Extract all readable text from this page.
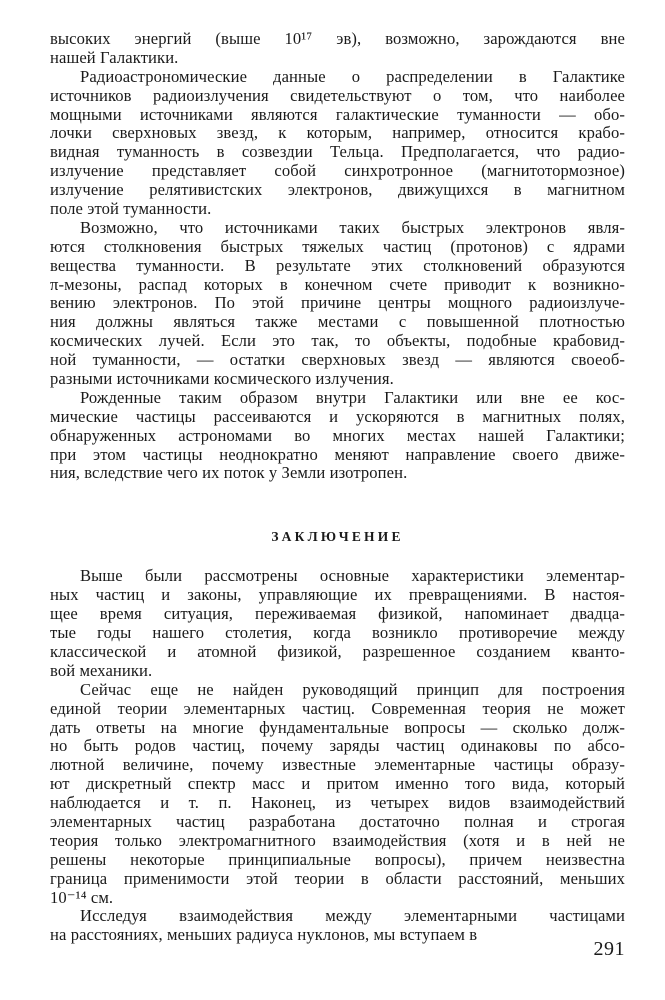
высоких энергий (выше 10¹⁷ эв), возможно, зарождаются вне
нашей Галактики.
Радиоастрономические данные о распределении в Галактике
источников радиоизлучения свидетельствуют о том, что наиболее
мощными источниками являются галактические туманности — обо-
лочки сверхновых звезд, к которым, например, относится крабо-
видная туманность в созвездии Тельца. Предполагается, что радио-
излучение представляет собой синхротронное (магнитотормозное)
излучение релятивистских электронов, движущихся в магнитном
поле этой туманности.
Возможно, что источниками таких быстрых электронов явля-
ются столкновения быстрых тяжелых частиц (протонов) с ядрами
вещества туманности. В результате этих столкновений образуются
π-мезоны, распад которых в конечном счете приводит к возникно-
вению электронов. По этой причине центры мощного радиоизлуче-
ния должны являться также местами с повышенной плотностью
космических лучей. Если это так, то объекты, подобные крабовид-
ной туманности, — остатки сверхновых звезд — являются своеоб-
разными источниками космического излучения.
Рожденные таким образом внутри Галактики или вне ее кос-
мические частицы рассеиваются и ускоряются в магнитных полях,
обнаруженных астрономами во многих местах нашей Галактики;
при этом частицы неоднократно меняют направление своего движе-
ния, вследствие чего их поток у Земли изотропен.
ЗАКЛЮЧЕНИЕ
Выше были рассмотрены основные характеристики элементар-
ных частиц и законы, управляющие их превращениями. В настоя-
щее время ситуация, переживаемая физикой, напоминает двадца-
тые годы нашего столетия, когда возникло противоречие между
классической и атомной физикой, разрешенное созданием кванто-
вой механики.
Сейчас еще не найден руководящий принцип для построения
единой теории элементарных частиц. Современная теория не может
дать ответы на многие фундаментальные вопросы — сколько долж-
но быть родов частиц, почему заряды частиц одинаковы по абсо-
лютной величине, почему известные элементарные частицы образу-
ют дискретный спектр масс и притом именно того вида, который
наблюдается и т. п. Наконец, из четырех видов взаимодействий
элементарных частиц разработана достаточно полная и строгая
теория только электромагнитного взаимодействия (хотя и в ней не
решены некоторые принципиальные вопросы), причем неизвестна
граница применимости этой теории в области расстояний, меньших
10⁻¹⁴ см.
Исследуя взаимодействия между элементарными частицами
на расстояниях, меньших радиуса нуклонов, мы вступаем в
291
